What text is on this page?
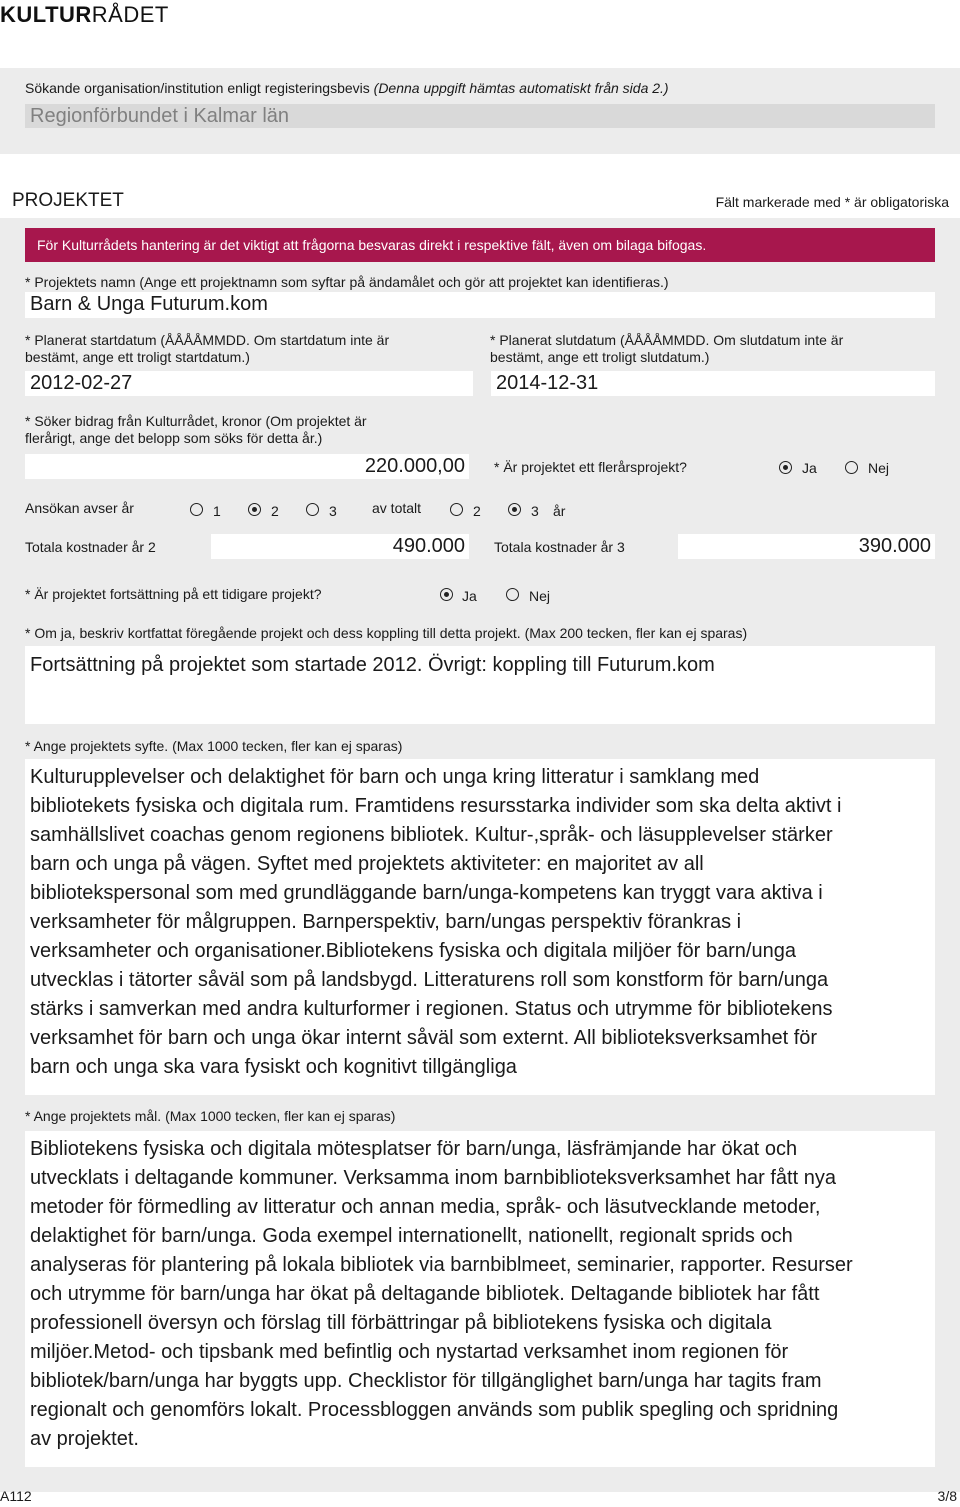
KULTURRÅDET
Sökande organisation/institution enligt registeringsbevis (Denna uppgift hämtas automatiskt från sida 2.)
Regionförbundet i Kalmar län
PROJEKTET	Fält markerade med * är obligatoriska
För Kulturrådets hantering är det viktigt att frågorna besvaras direkt i respektive fält, även om bilaga bifogas.
* Projektets namn (Ange ett projektnamn som syftar på ändamålet och gör att projektet kan identifieras.)
Barn & Unga Futurum.kom
* Planerat startdatum (ÅÅÅÅMMDD. Om startdatum inte är
bestämt, ange ett troligt startdatum.)
2012-02-27
* Planerat slutdatum (ÅÅÅÅMMDD. Om slutdatum inte är
bestämt, ange ett troligt slutdatum.)
2014-12-31
* Söker bidrag från Kulturrådet, kronor (Om projektet är
flerårigt, ange det belopp som söks för detta år.)
220.000,00 * Är projektet ett flerårsprojekt?	Ja	Nej
Ansökan avser år	1	2	3	av totalt	2	3 år
Totala kostnader år 2	490.000 Totala kostnader år 3	390.000
* Är projektet fortsättning på ett tidigare projekt?	Ja	Nej
* Om ja, beskriv kortfattat föregående projekt och dess koppling till detta projekt. (Max 200 tecken, fler kan ej sparas)
Fortsättning på projektet som startade 2012. Övrigt: koppling till Futurum.kom
* Ange projektets syfte. (Max 1000 tecken, fler kan ej sparas)
Kulturupplevelser och delaktighet för barn och unga kring litteratur i samklang med
bibliotekets fysiska och digitala rum. Framtidens resursstarka individer som ska delta aktivt i
samhällslivet coachas genom regionens bibliotek. Kultur-,språk- och läsupplevelser stärker
barn och unga på vägen. Syftet med projektets aktiviteter: en majoritet av all
bibliotekspersonal som med grundläggande barn/unga-kompetens kan tryggt vara aktiva i
verksamheter för målgruppen. Barnperspektiv, barn/ungas perspektiv förankras i
verksamheter och organisationer.Bibliotekens fysiska och digitala miljöer för barn/unga
utvecklas i tätorter såväl som på landsbygd. Litteraturens roll som konstform för barn/unga
stärks i samverkan med andra kulturformer i regionen. Status och utrymme för bibliotekens
verksamhet för barn och unga ökar internt såväl som externt. All biblioteksverksamhet för
barn och unga ska vara fysiskt och kognitivt tillgängliga
* Ange projektets mål. (Max 1000 tecken, fler kan ej sparas)
Bibliotekens fysiska och digitala mötesplatser för barn/unga, läsfrämjande har ökat och
utvecklats i deltagande kommuner. Verksamma inom barnbiblioteksverksamhet har fått nya
metoder för förmedling av litteratur och annan media, språk- och läsutvecklande metoder,
delaktighet för barn/unga. Goda exempel internationellt, nationellt, regionalt sprids och
analyseras för plantering på lokala bibliotek via barnbiblmeet, seminarier, rapporter. Resurser
och utrymme för barn/unga har ökat på deltagande bibliotek. Deltagande bibliotek har fått
professionell översyn och förslag till förbättringar på bibliotekens fysiska och digitala
miljöer.Metod- och tipsbank med befintlig och nystartad verksamhet inom regionen för
bibliotek/barn/unga har byggts upp. Checklistor för tillgänglighet barn/unga har tagits fram
regionalt och genomförs lokalt. Processbloggen används som publik spegling och spridning
av projektet.
A112	3/8
